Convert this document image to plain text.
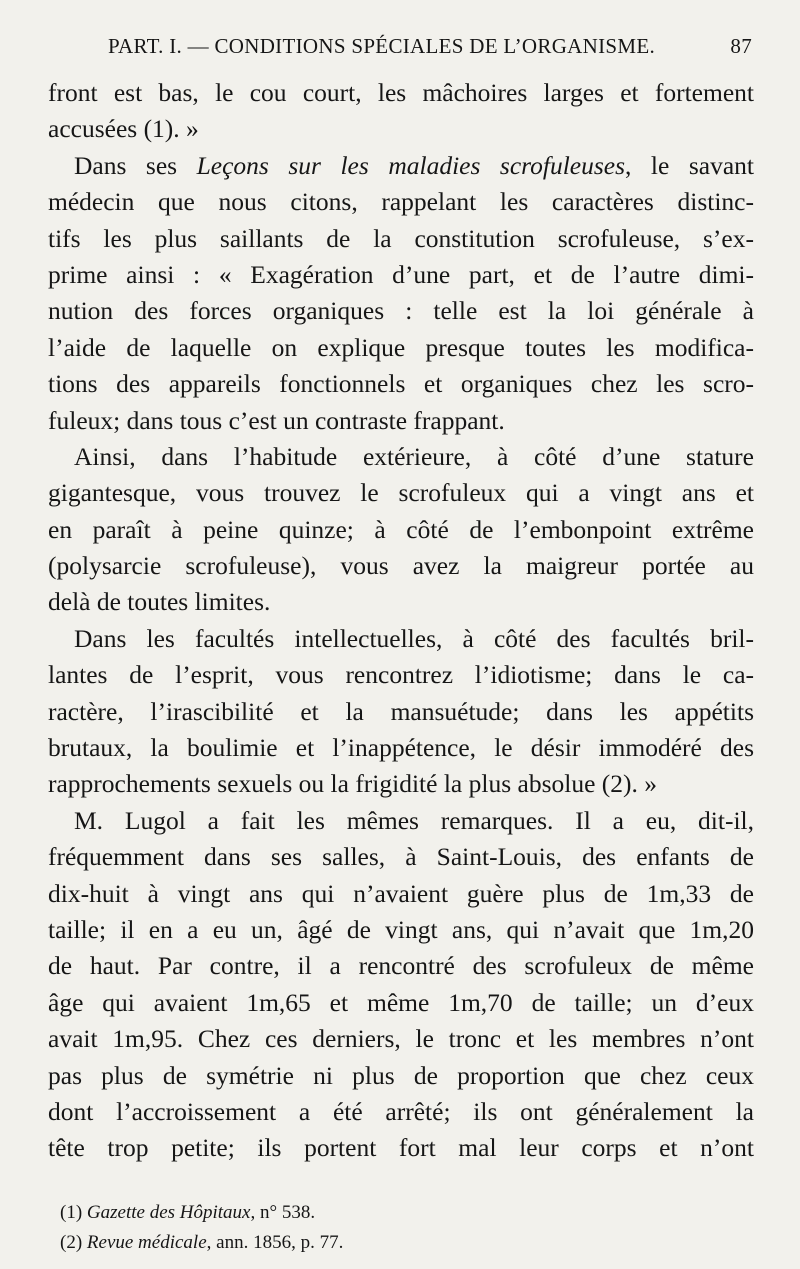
PART. I. — CONDITIONS SPÉCIALES DE L’ORGANISME.	87
front est bas, le cou court, les mâchoires larges et fortement
accusées (1). »
Dans ses Leçons sur les maladies scrofuleuses, le savant
médecin que nous citons, rappelant les caractères distinc-
tifs les plus saillants de la constitution scrofuleuse, s’ex-
prime ainsi : « Exagération d’une part, et de l’autre dimi-
nution des forces organiques : telle est la loi générale à
l’aide de laquelle on explique presque toutes les modifica-
tions des appareils fonctionnels et organiques chez les scro-
fuleux; dans tous c’est un contraste frappant.
Ainsi, dans l’habitude extérieure, à côté d’une stature
gigantesque, vous trouvez le scrofuleux qui a vingt ans et
en paraît à peine quinze; à côté de l’embonpoint extrême
(polysarcie scrofuleuse), vous avez la maigreur portée au
delà de toutes limites.
Dans les facultés intellectuelles, à côté des facultés bril-
lantes de l’esprit, vous rencontrez l’idiotisme; dans le ca-
ractère, l’irascibilité et la mansuétude; dans les appétits
brutaux, la boulimie et l’inappétence, le désir immodéré des
rapprochements sexuels ou la frigidité la plus absolue (2). »
M. Lugol a fait les mêmes remarques. Il a eu, dit-il,
fréquemment dans ses salles, à Saint-Louis, des enfants de
dix-huit à vingt ans qui n’avaient guère plus de 1m,33 de
taille; il en a eu un, âgé de vingt ans, qui n’avait que 1m,20
de haut. Par contre, il a rencontré des scrofuleux de même
âge qui avaient 1m,65 et même 1m,70 de taille; un d’eux
avait 1m,95. Chez ces derniers, le tronc et les membres n’ont
pas plus de symétrie ni plus de proportion que chez ceux
dont l’accroissement a été arrêté; ils ont généralement la
tête trop petite; ils portent fort mal leur corps et n’ont
(1) Gazette des Hôpitaux, n° 538.
(2) Revue médicale, ann. 1856, p. 77.
